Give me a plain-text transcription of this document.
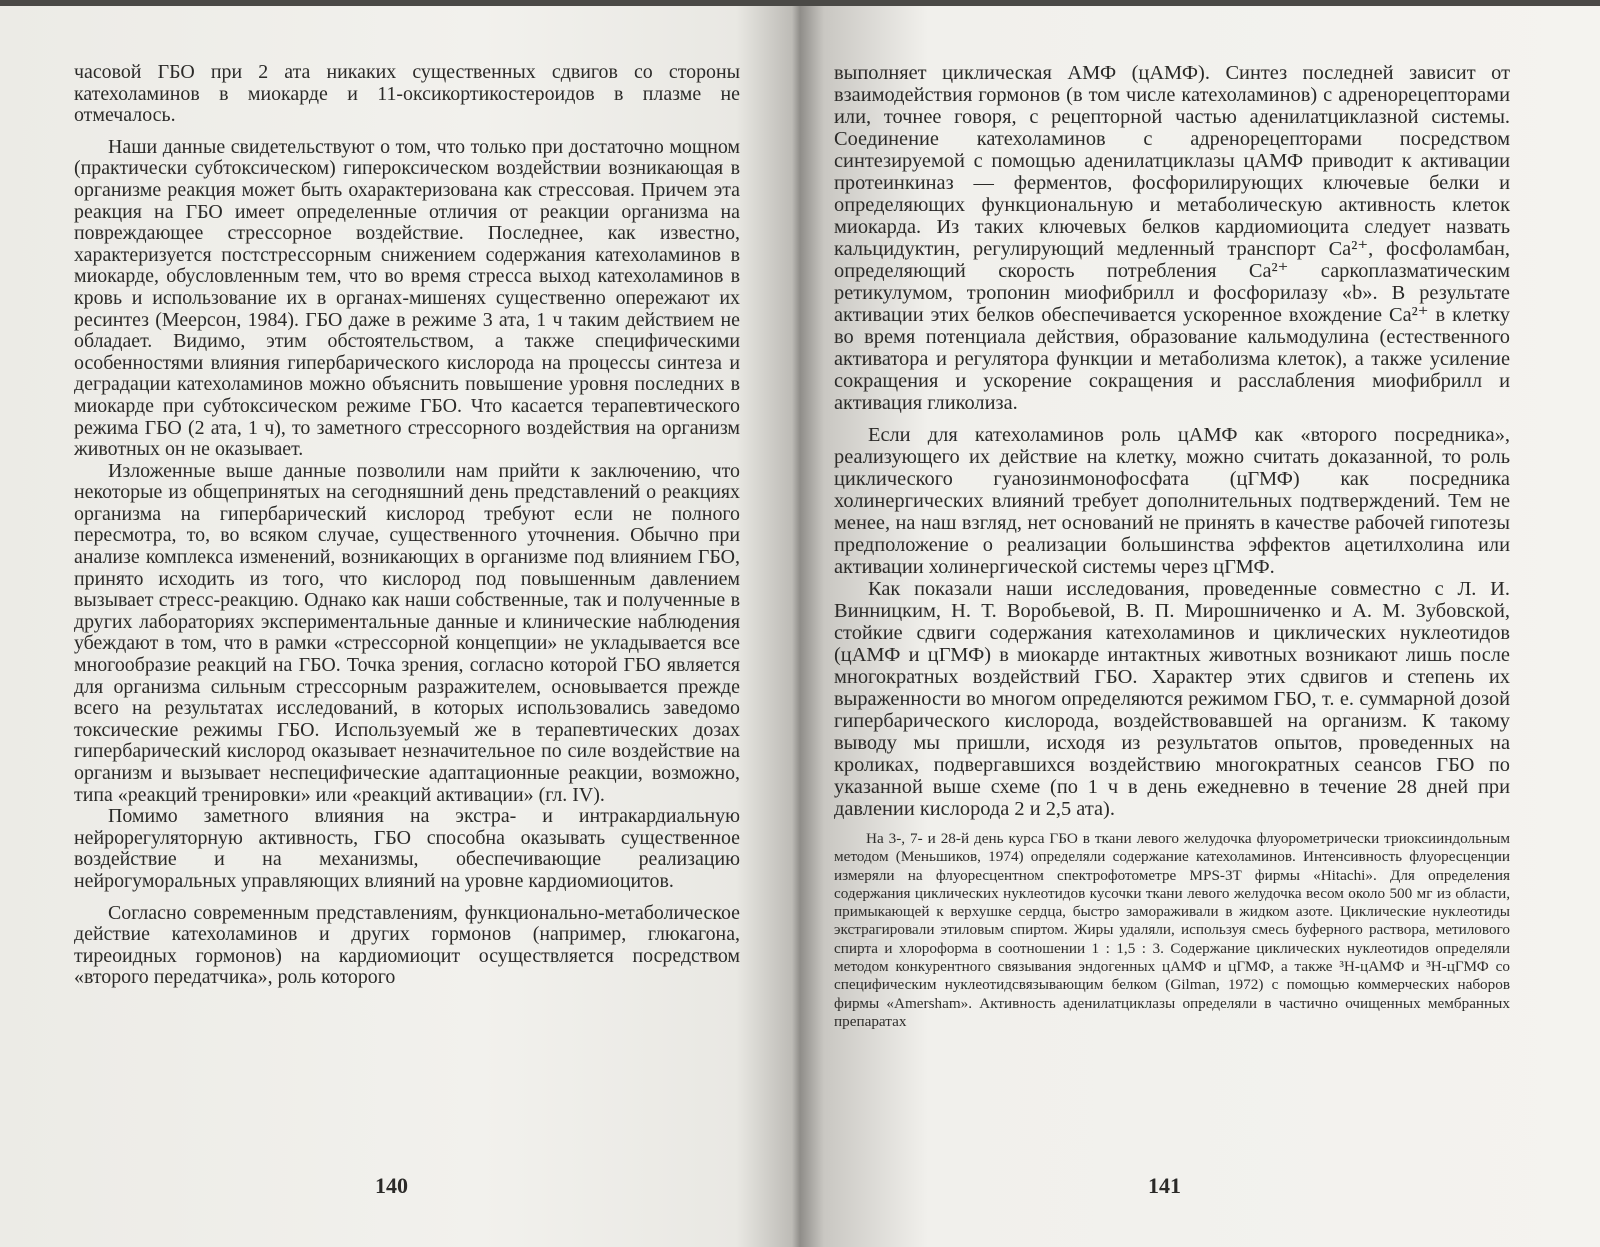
часовой ГБО при 2 ата никаких существенных сдвигов со стороны катехоламинов в миокарде и 11-оксикортикостероидов в плазме не отмечалось.

Наши данные свидетельствуют о том, что только при достаточно мощном (практически субтоксическом) гипероксическом воздействии возникающая в организме реакция может быть охарактеризована как стрессовая. Причем эта реакция на ГБО имеет определенные отличия от реакции организма на повреждающее стрессорное воздействие. Последнее, как известно, характеризуется постстрессорным снижением содержания катехоламинов в миокарде, обусловленным тем, что во время стресса выход катехоламинов в кровь и использование их в органах-мишенях существенно опережают их ресинтез (Меерсон, 1984). ГБО даже в режиме 3 ата, 1 ч таким действием не обладает. Видимо, этим обстоятельством, а также специфическими особенностями влияния гипербарического кислорода на процессы синтеза и деградации катехоламинов можно объяснить повышение уровня последних в миокарде при субтоксическом режиме ГБО. Что касается терапевтического режима ГБО (2 ата, 1 ч), то заметного стрессорного воздействия на организм животных он не оказывает.

Изложенные выше данные позволили нам прийти к заключению, что некоторые из общепринятых на сегодняшний день представлений о реакциях организма на гипербарический кислород требуют если не полного пересмотра, то, во всяком случае, существенного уточнения. Обычно при анализе комплекса изменений, возникающих в организме под влиянием ГБО, принято исходить из того, что кислород под повышенным давлением вызывает стресс-реакцию. Однако как наши собственные, так и полученные в других лабораториях экспериментальные данные и клинические наблюдения убеждают в том, что в рамки «стрессорной концепции» не укладывается все многообразие реакций на ГБО. Точка зрения, согласно которой ГБО является для организма сильным стрессорным разражителем, основывается прежде всего на результатах исследований, в которых использовались заведомо токсические режимы ГБО. Используемый же в терапевтических дозах гипербарический кислород оказывает незначительное по силе воздействие на организм и вызывает неспецифические адаптационные реакции, возможно, типа «реакций тренировки» или «реакций активации» (гл. IV).

Помимо заметного влияния на экстра- и интракардиальную нейрорегуляторную активность, ГБО способна оказывать существенное воздействие и на механизмы, обеспечивающие реализацию нейрогуморальных управляющих влияний на уровне кардиомиоцитов.

Согласно современным представлениям, функционально-метаболическое действие катехоламинов и других гормонов (например, глюкагона, тиреоидных гормонов) на кардиомиоцит осуществляется посредством «второго передатчика», роль которого

140

выполняет циклическая АМФ (цАМФ). Синтез последней зависит от взаимодействия гормонов (в том числе катехоламинов) с адренорецепторами или, точнее говоря, с рецепторной частью аденилатциклазной системы. Соединение катехоламинов с адренорецепторами посредством синтезируемой с помощью аденилатциклазы цАМФ приводит к активации протеинкиназ — ферментов, фосфорилирующих ключевые белки и определяющих функциональную и метаболическую активность клеток миокарда. Из таких ключевых белков кардиомиоцита следует назвать кальцидуктин, регулирующий медленный транспорт Ca²⁺, фосфоламбан, определяющий скорость потребления Ca²⁺ саркоплазматическим ретикулумом, тропонин миофибрилл и фосфорилазу «b». В результате активации этих белков обеспечивается ускоренное вхождение Ca²⁺ в клетку во время потенциала действия, образование кальмодулина (естественного активатора и регулятора функции и метаболизма клеток), а также усиление сокращения и ускорение сокращения и расслабления миофибрилл и активация гликолиза.

Если для катехоламинов роль цАМФ как «второго посредника», реализующего их действие на клетку, можно считать доказанной, то роль циклического гуанозинмонофосфата (цГМФ) как посредника холинергических влияний требует дополнительных подтверждений. Тем не менее, на наш взгляд, нет оснований не принять в качестве рабочей гипотезы предположение о реализации большинства эффектов ацетилхолина или активации холинергической системы через цГМФ.

Как показали наши исследования, проведенные совместно с Л. И. Винницким, Н. Т. Воробьевой, В. П. Мирошниченко и А. М. Зубовской, стойкие сдвиги содержания катехоламинов и циклических нуклеотидов (цАМФ и цГМФ) в миокарде интактных животных возникают лишь после многократных воздействий ГБО. Характер этих сдвигов и степень их выраженности во многом определяются режимом ГБО, т. е. суммарной дозой гипербарического кислорода, воздействовавшей на организм. К такому выводу мы пришли, исходя из результатов опытов, проведенных на кроликах, подвергавшихся воздействию многократных сеансов ГБО по указанной выше схеме (по 1 ч в день ежедневно в течение 28 дней при давлении кислорода 2 и 2,5 ата).

На 3-, 7- и 28-й день курса ГБО в ткани левого желудочка флуорометрически триоксииндольным методом (Меньшиков, 1974) определяли содержание катехоламинов. Интенсивность флуоресценции измеряли на флуоресцентном спектрофотометре MPS-3T фирмы «Hitachi». Для определения содержания циклических нуклеотидов кусочки ткани левого желудочка весом около 500 мг из области, примыкающей к верхушке сердца, быстро замораживали в жидком азоте. Циклические нуклеотиды экстрагировали этиловым спиртом. Жиры удаляли, используя смесь буферного раствора, метилового спирта и хлороформа в соотношении 1 : 1,5 : 3. Содержание циклических нуклеотидов определяли методом конкурентного связывания эндогенных цАМФ и цГМФ, а также ³H-цАМФ и ³H-цГМФ со специфическим нуклеотидсвязывающим белком (Gilman, 1972) с помощью коммерческих наборов фирмы «Amersham». Активность аденилатциклазы определяли в частично очищенных мембранных препаратах

141
